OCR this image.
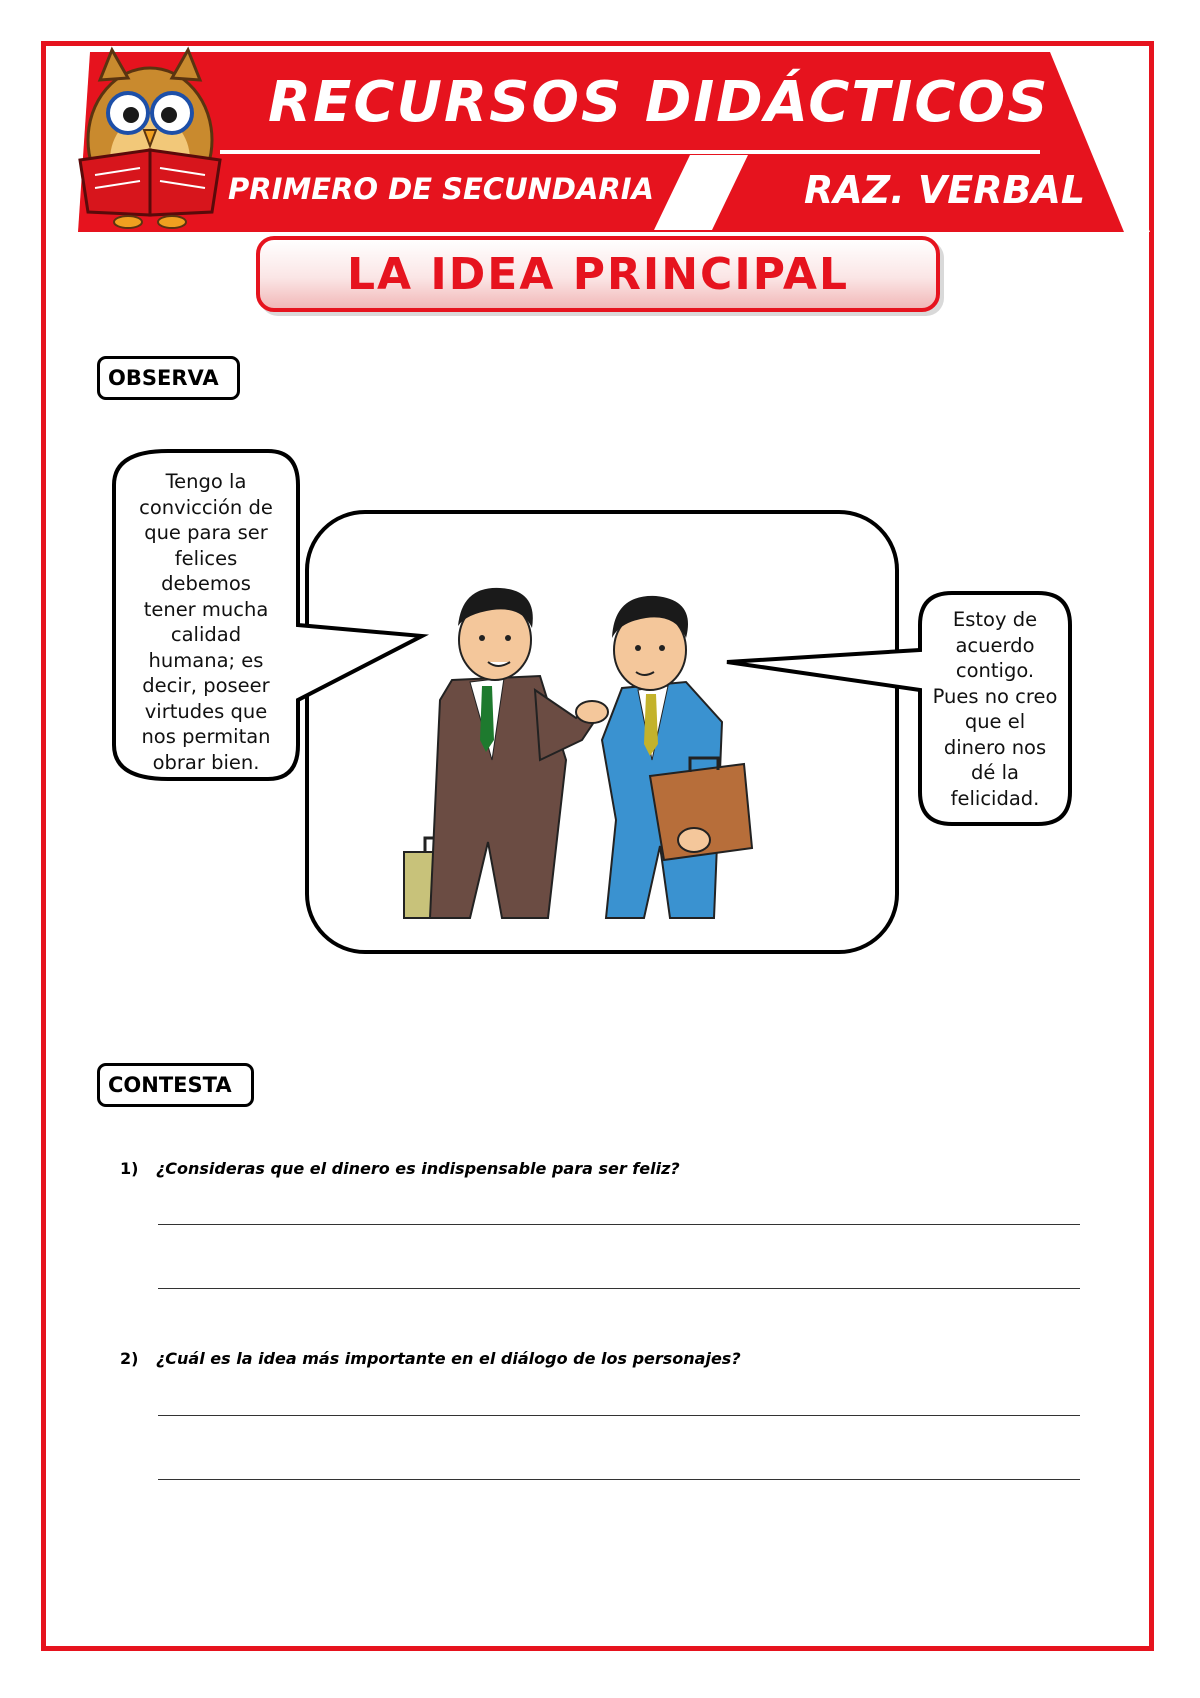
RECURSOS DIDÁCTICOS
PRIMERO DE SECUNDARIA	RAZ. VERBAL
LA IDEA PRINCIPAL
OBSERVA
Tengo la
convicción de
que para ser
felices
debemos
tener mucha
calidad
humana; es
decir, poseer
virtudes que
nos permitan
obrar bien.
Estoy de
acuerdo
contigo.
Pues no creo
que el
dinero nos
dé la
felicidad.
CONTESTA
1) ¿Consideras que el dinero es indispensable para ser feliz?
2) ¿Cuál es la idea más importante en el diálogo de los personajes?
